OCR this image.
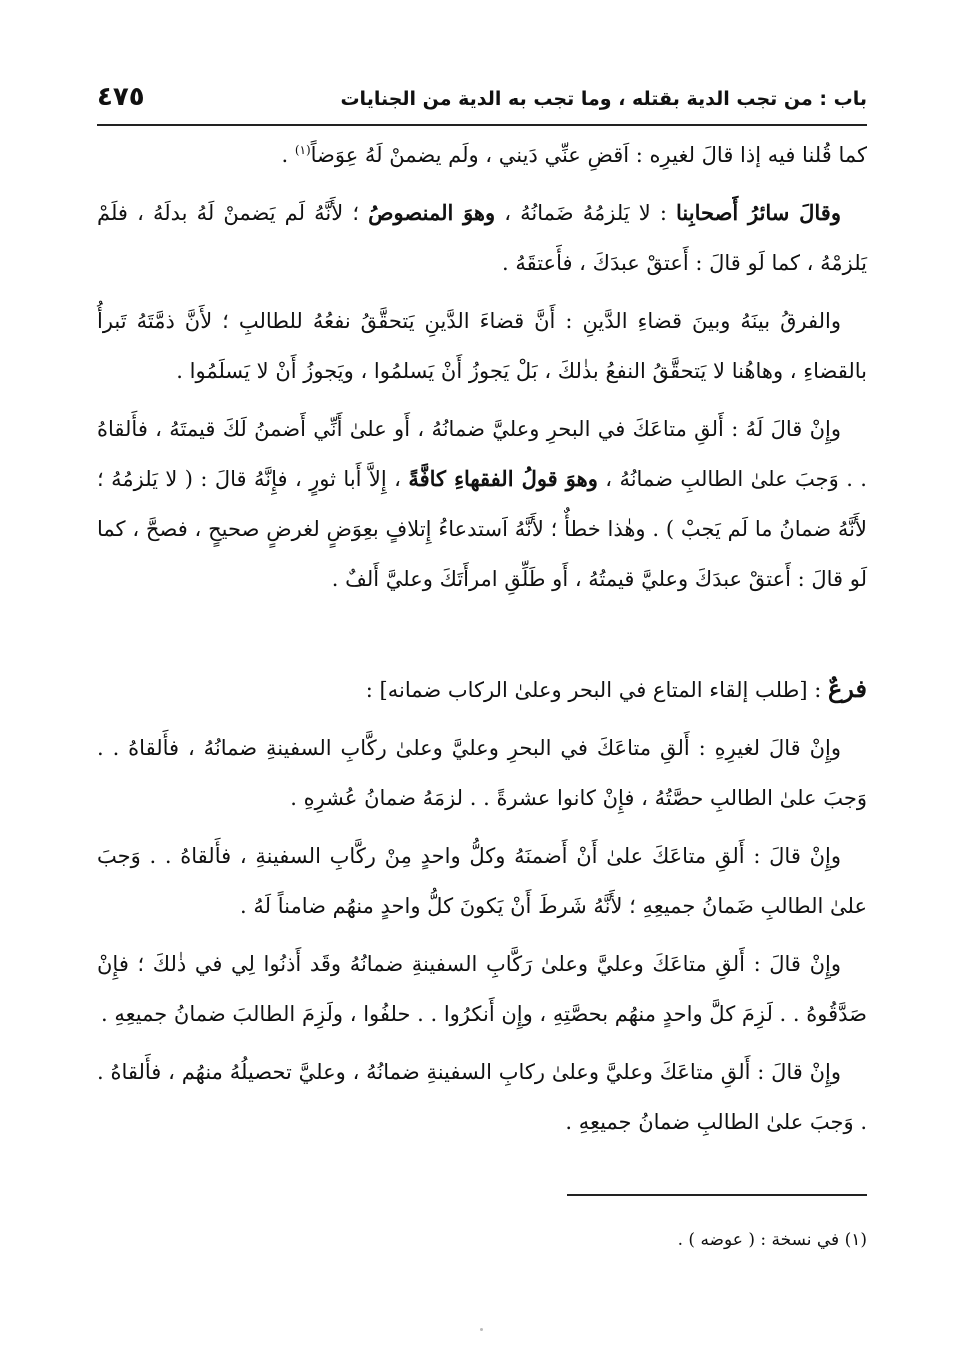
باب : من تجب الدية بقتله ، وما تجب به الدية من الجنايات
٤٧٥

كما قُلنا فيه إذا قالَ لغيرِه : اَقضِ عنِّي دَيني ، ولَم يضمنْ لَهُ عِوَضاً$^{(١)}$ .

وقالَ سائرُ أَصحابِنا : لا يَلزمُهُ ضَمانُهُ ، وهوَ المنصوصُ ؛ لأَنَّهُ لَم يَضمنْ لَهُ بدلَهُ ، فلَمْ يَلزمْهُ ، كما لَو قالَ : أَعتقْ عبدَكَ ، فأَعتقَهُ .

والفرقُ بينَهُ وبينَ قضاءِ الدَّينِ : أَنَّ قضاءَ الدَّينِ يَتحقَّقُ نفعُهُ للطالبِ ؛ لأَنَّ ذمَّتَهُ تَبرأُ بالقضاءِ ، وهاهُنا لا يَتحقَّقُ النفعُ بذٰلكَ ، بَلْ يَجوزُ أَنْ يَسلمُوا ، ويَجوزُ أَنْ لا يَسلَمُوا .

وإِنْ قالَ لَهُ : أَلقِ متاعَكَ في البحرِ وعليَّ ضمانُهُ ، أَو علىٰ أَنِّي أَضمنُ لَكَ قيمتَهُ ، فأَلقاهُ . . وَجبَ علىٰ الطالبِ ضمانُهُ ، وهوَ قولُ الفقهاءِ كافَّةً ، إِلاَّ أَبا ثورٍ ، فإِنَّهُ قالَ : ( لا يَلزمُهُ ؛ لأَنَّهُ ضمانُ ما لَم يَجبْ ) . وهٰذا خطأٌ ؛ لأَنَّهُ اَستدعاءُ إِتلافٍ بعِوَضٍ لغرضٍ صحيحٍ ، فصحَّ ، كما لَو قالَ : أَعتقْ عبدَكَ وعليَّ قيمتُهُ ، أَو طَلِّقِ امرأَتَكَ وعليَّ أَلفٌ .

فرعٌ : [طلب إلقاء المتاع في البحر وعلىٰ الركاب ضمانه] :

وإِنْ قالَ لغيرِهِ : أَلقِ متاعَكَ في البحرِ وعليَّ وعلىٰ ركَّابِ السفينةِ ضمانُهُ ، فأَلقاهُ . . وَجبَ علىٰ الطالبِ حصَّتُهُ ، فإِنْ كانوا عشرةً . . لزمَهُ ضمانُ عُشرِهِ .

وإِنْ قالَ : أَلقِ متاعَكَ علىٰ أَنْ أَضمنَهُ وكلُّ واحدٍ مِنْ ركَّابِ السفينةِ ، فأَلقاهُ . . وَجبَ علىٰ الطالبِ ضَمانُ جميعِهِ ؛ لأَنَّهُ شَرطَ أَنْ يَكونَ كلُّ واحدٍ منهُم ضامناً لَهُ .

وإِنْ قالَ : أَلقِ متاعَكَ وعليَّ وعلىٰ رَكَّابِ السفينةِ ضمانُهُ وقَد أَذنُوا لِي في ذٰلكَ ؛ فإِنْ صَدَّقُوهُ . . لَزِمَ كلَّ واحدٍ منهُم بحصَّتِهِ ، وإِن أَنكرُوا . . حلفُوا ، ولَزِمَ الطالبَ ضمانُ جميعِهِ .

وإِنْ قالَ : أَلقِ متاعَكَ وعليَّ وعلىٰ ركابِ السفينةِ ضمانُهُ ، وعليَّ تحصيلُهُ منهُم ، فأَلقاهُ . . وَجبَ علىٰ الطالبِ ضمانُ جميعِهِ .

(١) في نسخة : ( عوضه ) .
